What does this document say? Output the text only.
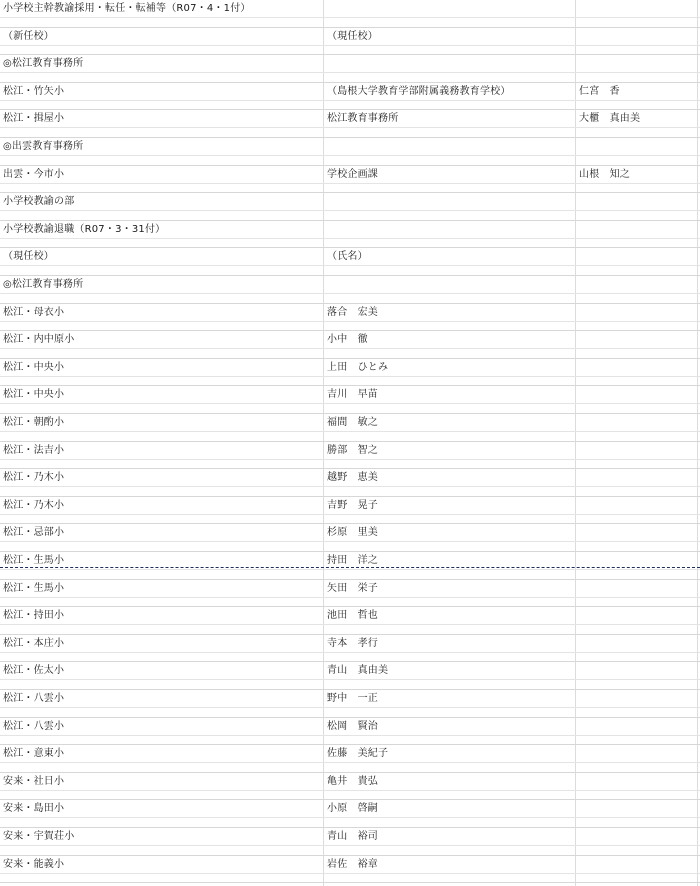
小学校主幹教諭採用・転任・転補等（R07・4・1付）
（新任校）	（現任校）
◎松江教育事務所
松江・竹矢小	（島根大学教育学部附属義務教育学校）	仁宮　香
松江・揖屋小	松江教育事務所	大櫃　真由美
◎出雲教育事務所
出雲・今市小	学校企画課	山根　知之
小学校教諭の部
小学校教諭退職（R07・3・31付）
（現任校）	（氏名）
◎松江教育事務所
松江・母衣小	落合　宏美
松江・内中原小	小中　徹
松江・中央小	上田　ひとみ
松江・中央小	吉川　早苗
松江・朝酌小	福間　敏之
松江・法吉小	勝部　智之
松江・乃木小	越野　恵美
松江・乃木小	吉野　晃子
松江・忌部小	杉原　里美
松江・生馬小	持田　洋之
松江・生馬小	矢田　栄子
松江・持田小	池田　哲也
松江・本庄小	寺本　孝行
松江・佐太小	青山　真由美
松江・八雲小	野中　一正
松江・八雲小	松岡　賢治
松江・意東小	佐藤　美紀子
安来・社日小	亀井　貴弘
安来・島田小	小原　啓嗣
安来・宇賀荘小	青山　裕司
安来・能義小	岩佐　裕章
